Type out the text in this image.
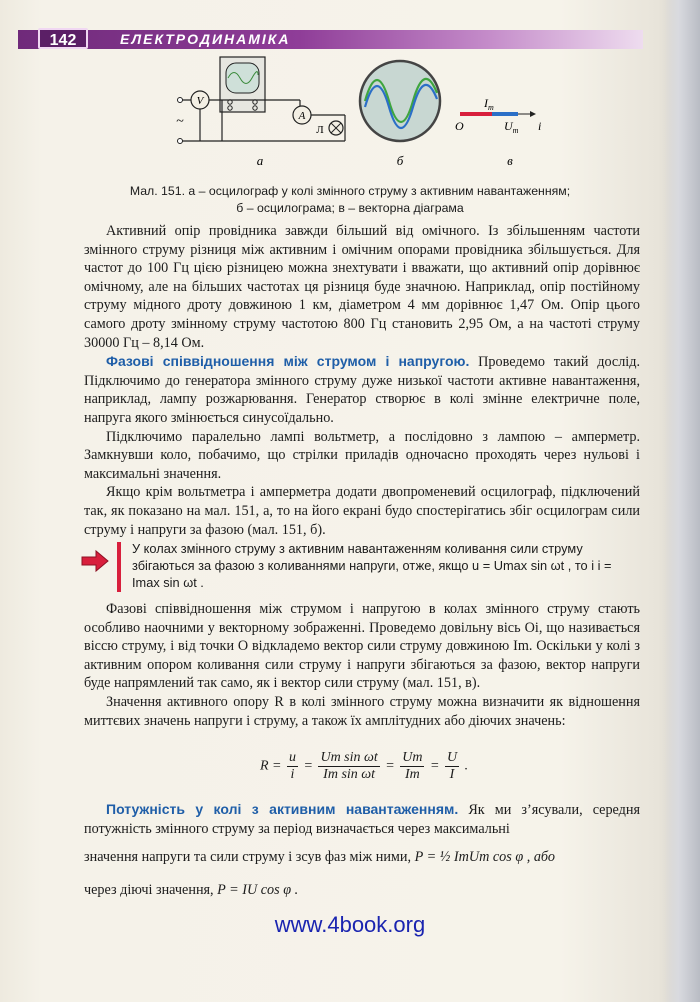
142	ЕЛЕКТРОДИНАМІКА
V
A
Л
~
а	б
$I_m$
$U_m$
O	i
в
Мал. 151. а – осцилограф у колі змінного струму з активним навантаженням;
б – осцилограма; в – векторна діаграма

Активний опір провідника завжди більший від омічного. Із збільшенням частоти змінного струму різниця між активним і омічним опорами провідника збільшується. Для частот до 100 Гц цією різницею можна знехтувати і вважати, що активний опір дорівнює омічному, але на більших частотах ця різниця буде значною. Наприклад, опір постійному струму мідного дроту довжиною 1 км, діаметром 4 мм дорівнює 1,47 Ом. Опір цього самого дроту змінному струму частотою 800 Гц становить 2,95 Ом, а на частоті струму 30000 Гц – 8,14 Ом.

Фазові співвідношення між струмом і напругою. Проведемо такий дослід. Підключимо до генератора змінного струму дуже низької частоти активне навантаження, наприклад, лампу розжарювання. Генератор створює в колі змінне електричне поле, напруга якого змінюється синусоїдально.

Підключимо паралельно лампі вольтметр, а послідовно з лампою – амперметр. Замкнувши коло, побачимо, що стрілки приладів одночасно проходять через нульові і максимальні значення.

Якщо крім вольтметра і амперметра додати двопроменевий осцилограф, підключений так, як показано на мал. 151, а, то на його екрані будо спостерігатись збіг осцилограм сили струму і напруги за фазою (мал. 151, б).

У колах змінного струму з активним навантаженням коливання сили струму збігаються за фазою з коливаннями напруги, отже, якщо u = Umax sin ωt , то і i = Imax sin ωt .

Фазові співвідношення між струмом і напругою в колах змінного струму стають особливо наочними у векторному зображенні. Проведемо довільну вісь Oi, що називається віссю струму, і від точки O відкладемо вектор сили струму довжиною Im. Оскільки у колі з активним опором коливання сили струму і напруги збігаються за фазою, вектор напруги буде напрямлений так само, як і вектор сили струму (мал. 151, в).

Значення активного опору R в колі змінного струму можна визначити як відношення миттєвих значень напруги і струму, а також їх амплітудних або діючих значень:

$R = \frac{u}{i} = \frac{\text{Um sin ωt}}{\text{Im sin ωt}} = \frac{Um}{Im} = \frac{U}{I}$ .

Потужність у колі з активним навантаженням. Як ми з’ясували, середня потужність змінного струму за період визначається через максимальні

значення напруги та сили струму і зсув фаз між ними, P = ½ ImUm cos φ , або

через діючі значення, P = IU cos φ .

www.4book.org
